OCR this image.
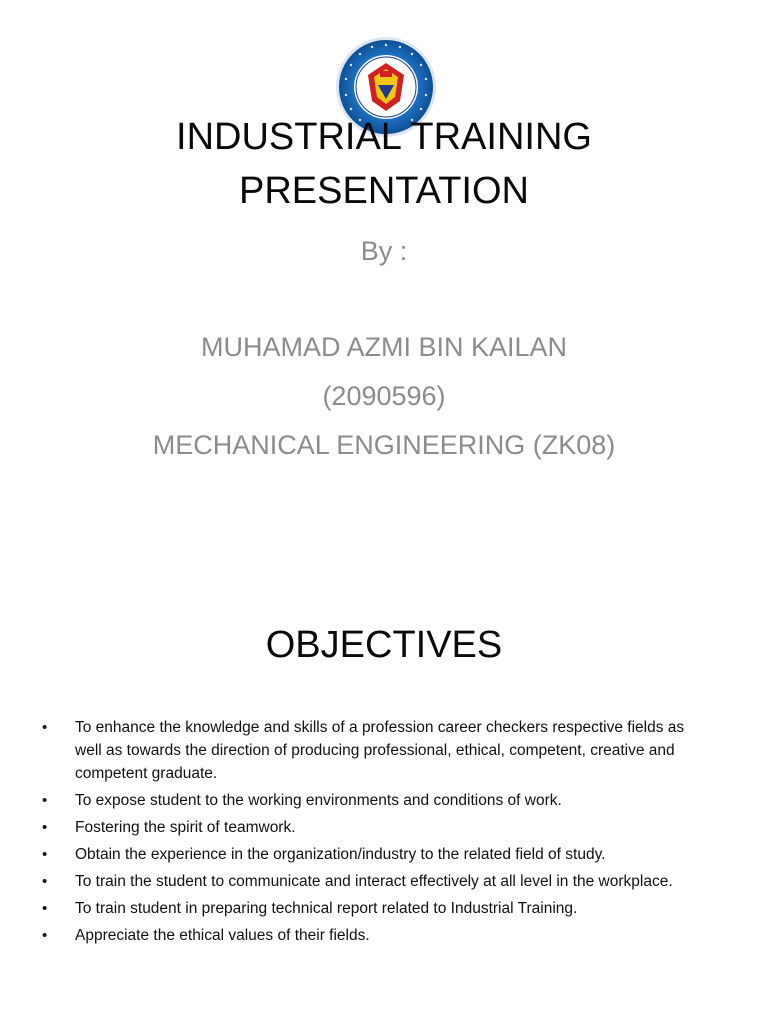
INDUSTRIAL TRAINING
PRESENTATION
By :
MUHAMAD AZMI BIN KAILAN
(2090596)
MECHANICAL ENGINEERING (ZK08)
OBJECTIVES
• To enhance the knowledge and skills of a profession career checkers respective fields as well as towards the direction of producing professional, ethical, competent, creative and competent graduate.
• To expose student to the working environments and conditions of work.
• Fostering the spirit of teamwork.
• Obtain the experience in the organization/industry to the related field of study.
• To train the student to communicate and interact effectively at all level in the workplace.
• To train student in preparing technical report related to Industrial Training.
• Appreciate the ethical values of their fields.
